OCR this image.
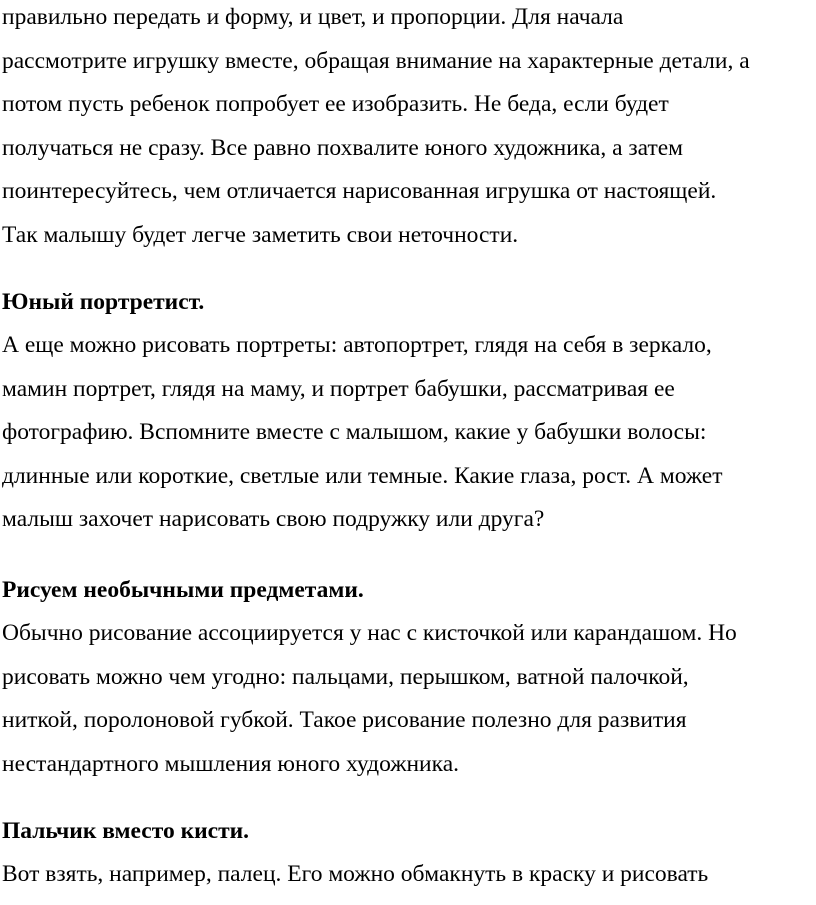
правильно передать и форму, и цвет, и пропорции. Для начала
рассмотрите игрушку вместе, обращая внимание на характерные детали, а
потом пусть ребенок попробует ее изобразить. Не беда, если будет
получаться не сразу. Все равно похвалите юного художника, а затем
поинтересуйтесь, чем отличается нарисованная игрушка от настоящей.
Так малышу будет легче заметить свои неточности.
Юный портретист.
А еще можно рисовать портреты: автопортрет, глядя на себя в зеркало,
мамин портрет, глядя на маму, и портрет бабушки, рассматривая ее
фотографию. Вспомните вместе с малышом, какие у бабушки волосы:
длинные или короткие, светлые или темные. Какие глаза, рост. А может
малыш захочет нарисовать свою подружку или друга?
Рисуем необычными предметами.
Обычно рисование ассоциируется у нас с кисточкой или карандашом. Но
рисовать можно чем угодно: пальцами, перышком, ватной палочкой,
ниткой, поролоновой губкой. Такое рисование полезно для развития
нестандартного мышления юного художника.
Пальчик вместо кисти.
Вот взять, например, палец. Его можно обмакнуть в краску и рисовать
